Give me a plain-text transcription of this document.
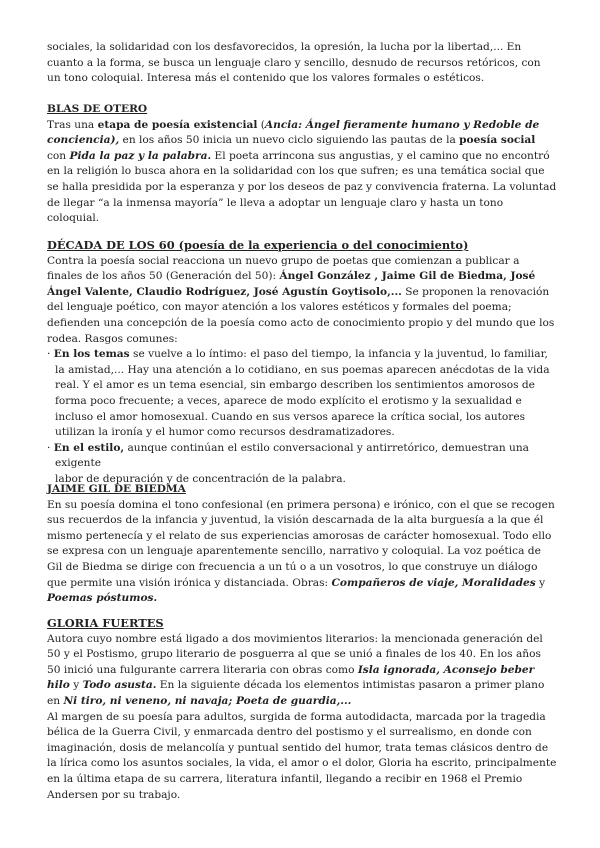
sociales, la solidaridad con los desfavorecidos, la opresión, la lucha por la libertad,... En cuanto a la forma, se busca un lenguaje claro y sencillo, desnudo de recursos retóricos, con un tono coloquial. Interesa más el contenido que los valores formales o estéticos.

BLAS DE OTERO

Tras una etapa de poesía existencial (Ancia: Ángel fieramente humano y Redoble de conciencia), en los años 50 inicia un nuevo ciclo siguiendo las pautas de la poesía social con Pida la paz y la palabra. El poeta arrincona sus angustias, y el camino que no encontró en la religión lo busca ahora en la solidaridad con los que sufren; es una temática social que se halla presidida por la esperanza y por los deseos de paz y convivencia fraterna. La voluntad de llegar “a la inmensa mayoría” le lleva a adoptar un lenguaje claro y hasta un tono coloquial.

DÉCADA DE LOS 60 (poesía de la experiencia o del conocimiento)

Contra la poesía social reacciona un nuevo grupo de poetas que comienzan a publicar a finales de los años 50 (Generación del 50): Ángel González , Jaime Gil de Biedma, José Ángel Valente, Claudio Rodríguez, José Agustín Goytisolo,... Se proponen la renovación del lenguaje poético, con mayor atención a los valores estéticos y formales del poema; defienden una concepción de la poesía como acto de conocimiento propio y del mundo que los rodea. Rasgos comunes:

· En los temas se vuelve a lo íntimo: el paso del tiempo, la infancia y la juventud, lo familiar, la amistad,... Hay una atención a lo cotidiano, en sus poemas aparecen anécdotas de la vida real. Y el amor es un tema esencial, sin embargo describen los sentimientos amorosos de forma poco frecuente; a veces, aparece de modo explícito el erotismo y la sexualidad e incluso el amor homosexual. Cuando en sus versos aparece la crítica social, los autores utilizan la ironía y el humor como recursos desdramatizadores.

· En el estilo, aunque continúan el estilo conversacional y antirretórico, demuestran una exigente

labor de depuración y de concentración de la palabra.

JAIME GIL DE BIEDMA

En su poesía domina el tono confesional (en primera persona) e irónico, con el que se recogen sus recuerdos de la infancia y juventud, la visión descarnada de la alta burguesía a la que él mismo pertenecía y el relato de sus experiencias amorosas de carácter homosexual. Todo ello se expresa con un lenguaje aparentemente sencillo, narrativo y coloquial. La voz poética de Gil de Biedma se dirige con frecuencia a un tú o a un vosotros, lo que construye un diálogo que permite una visión irónica y distanciada. Obras: Compañeros de viaje, Moralidades y Poemas póstumos.

GLORIA FUERTES

Autora cuyo nombre está ligado a dos movimientos literarios: la mencionada generación del 50 y el Postismo, grupo literario de posguerra al que se unió a finales de los 40. En los años 50 inició una fulgurante carrera literaria con obras como Isla ignorada, Aconsejo beber hilo y Todo asusta. En la siguiente década los elementos intimistas pasaron a primer plano en Ni tiro, ni veneno, ni navaja; Poeta de guardia,...

Al margen de su poesía para adultos, surgida de forma autodidacta, marcada por la tragedia bélica de la Guerra Civil, y enmarcada dentro del postismo y el surrealismo, en donde con imaginación, dosis de melancolía y puntual sentido del humor, trata temas clásicos dentro de la lírica como los asuntos sociales, la vida, el amor o el dolor, Gloria ha escrito, principalmente en la última etapa de su carrera, literatura infantil, llegando a recibir en 1968 el Premio Andersen por su trabajo.
